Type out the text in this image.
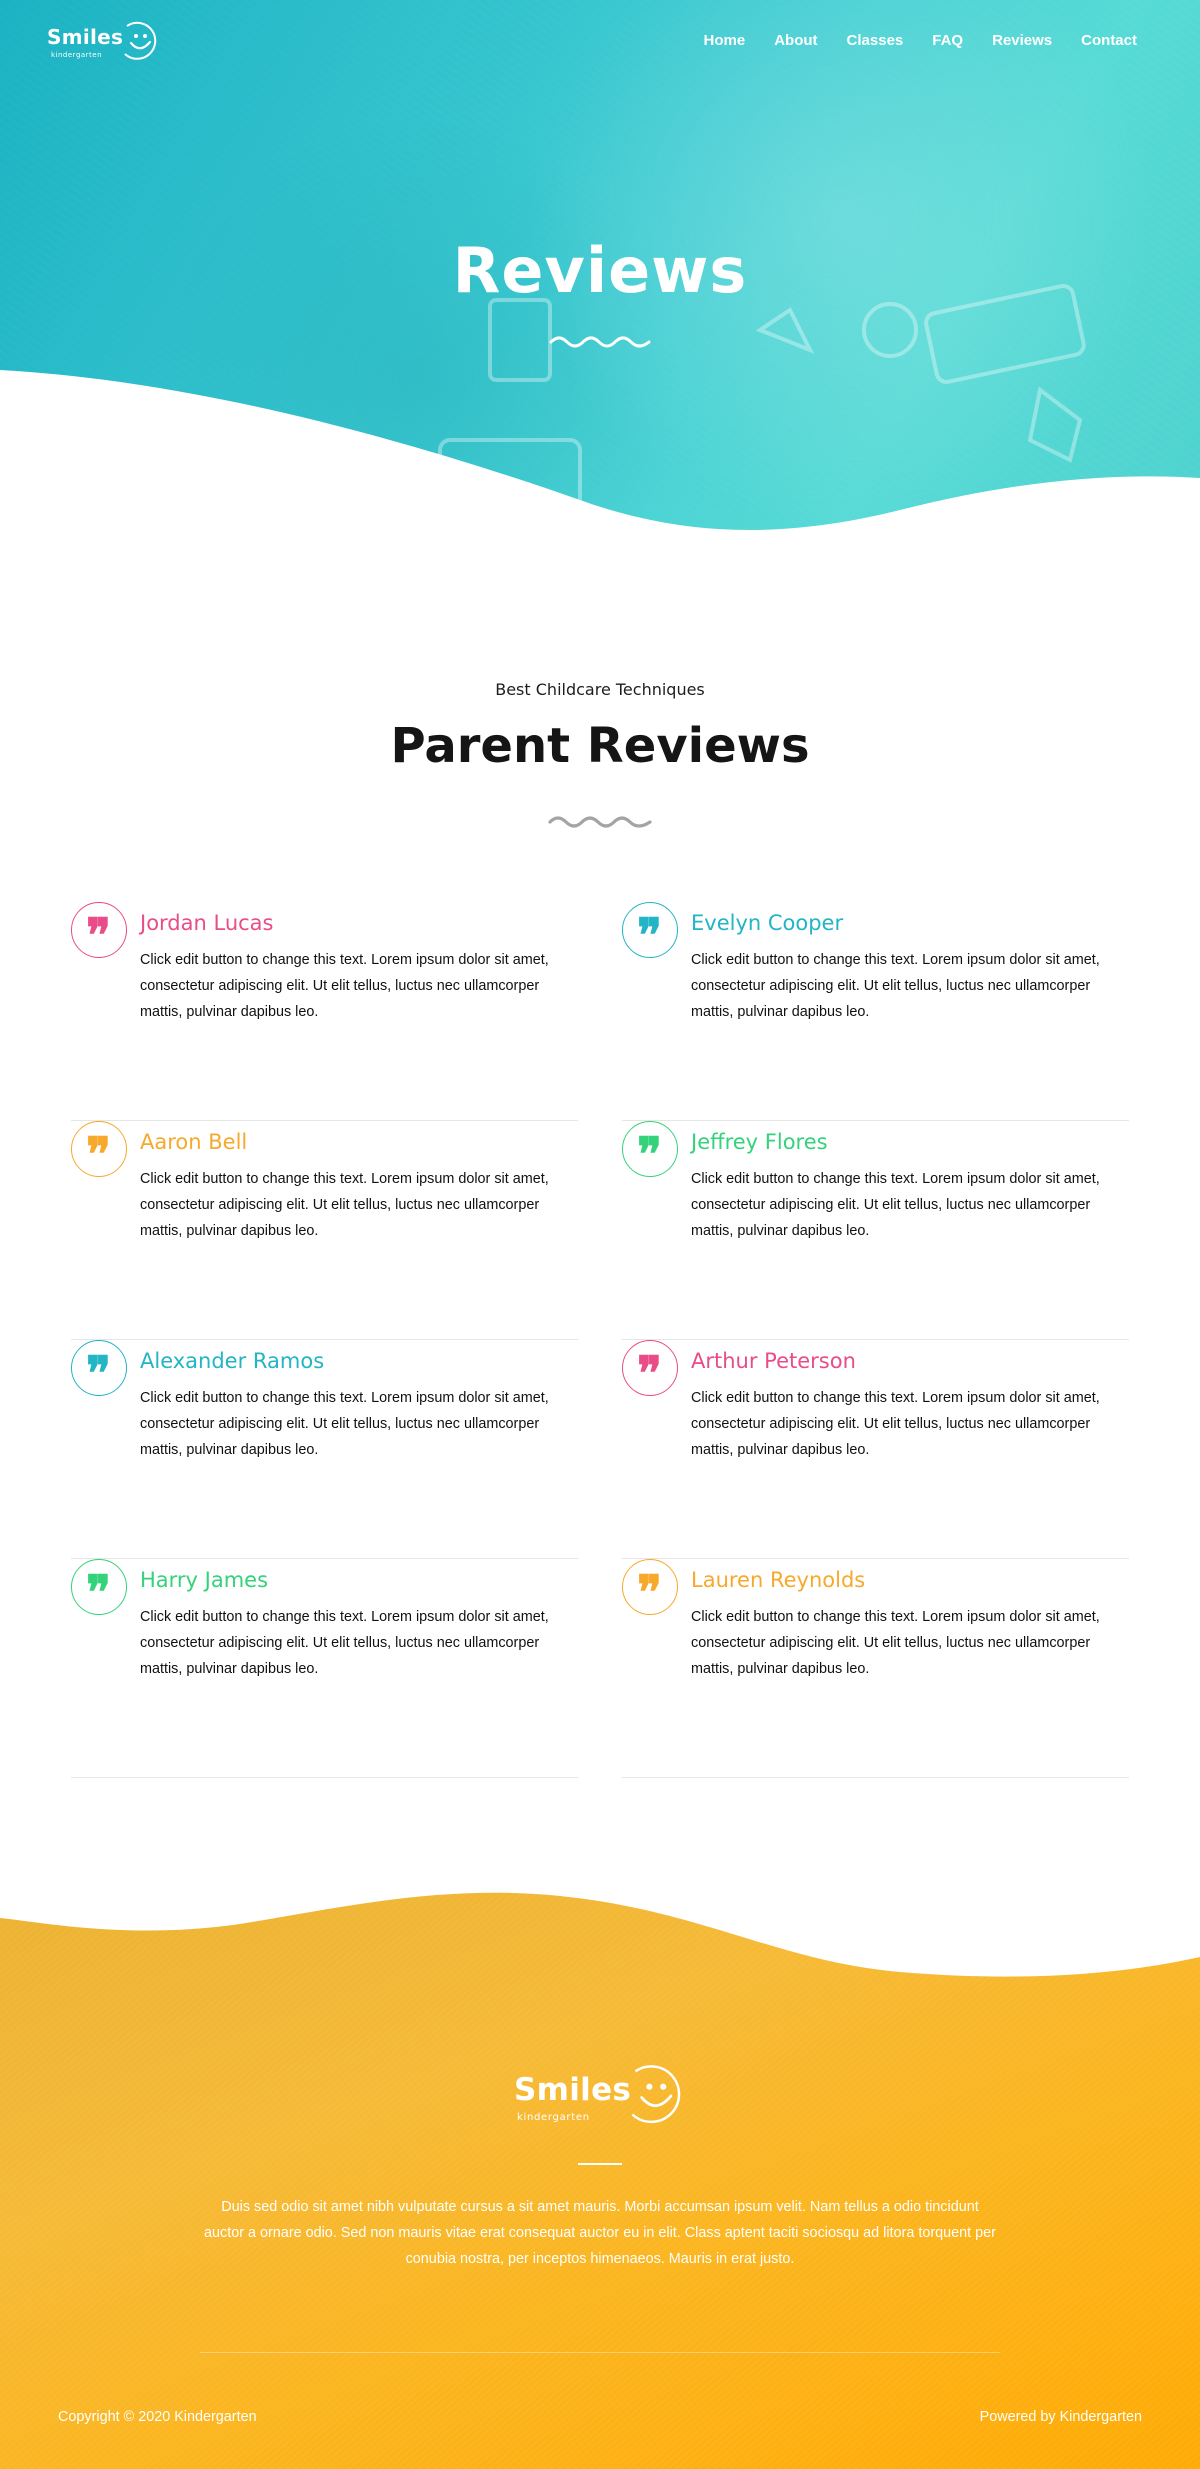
Smiles
kindergarten
Home About Classes FAQ Reviews Contact
Reviews
Best Childcare Techniques
Parent Reviews
❞	Jordan Lucas

Click edit button to change this text. Lorem ipsum dolor sit amet, consectetur adipiscing elit. Ut elit tellus, luctus nec ullamcorper mattis, pulvinar dapibus leo.

❞	Evelyn Cooper

Click edit button to change this text. Lorem ipsum dolor sit amet, consectetur adipiscing elit. Ut elit tellus, luctus nec ullamcorper mattis, pulvinar dapibus leo.

❞	Aaron Bell

Click edit button to change this text. Lorem ipsum dolor sit amet, consectetur adipiscing elit. Ut elit tellus, luctus nec ullamcorper mattis, pulvinar dapibus leo.

❞	Jeffrey Flores

Click edit button to change this text. Lorem ipsum dolor sit amet, consectetur adipiscing elit. Ut elit tellus, luctus nec ullamcorper mattis, pulvinar dapibus leo.

❞	Alexander Ramos

Click edit button to change this text. Lorem ipsum dolor sit amet, consectetur adipiscing elit. Ut elit tellus, luctus nec ullamcorper mattis, pulvinar dapibus leo.

❞	Arthur Peterson

Click edit button to change this text. Lorem ipsum dolor sit amet, consectetur adipiscing elit. Ut elit tellus, luctus nec ullamcorper mattis, pulvinar dapibus leo.

❞	Harry James

Click edit button to change this text. Lorem ipsum dolor sit amet, consectetur adipiscing elit. Ut elit tellus, luctus nec ullamcorper mattis, pulvinar dapibus leo.

❞	Lauren Reynolds

Click edit button to change this text. Lorem ipsum dolor sit amet, consectetur adipiscing elit. Ut elit tellus, luctus nec ullamcorper mattis, pulvinar dapibus leo.

Smiles
kindergarten

Duis sed odio sit amet nibh vulputate cursus a sit amet mauris. Morbi accumsan ipsum velit. Nam tellus a odio tincidunt auctor a ornare odio. Sed non mauris vitae erat consequat auctor eu in elit. Class aptent taciti sociosqu ad litora torquent per conubia nostra, per inceptos himenaeos. Mauris in erat justo.

Copyright © 2020 Kindergarten	Powered by Kindergarten
